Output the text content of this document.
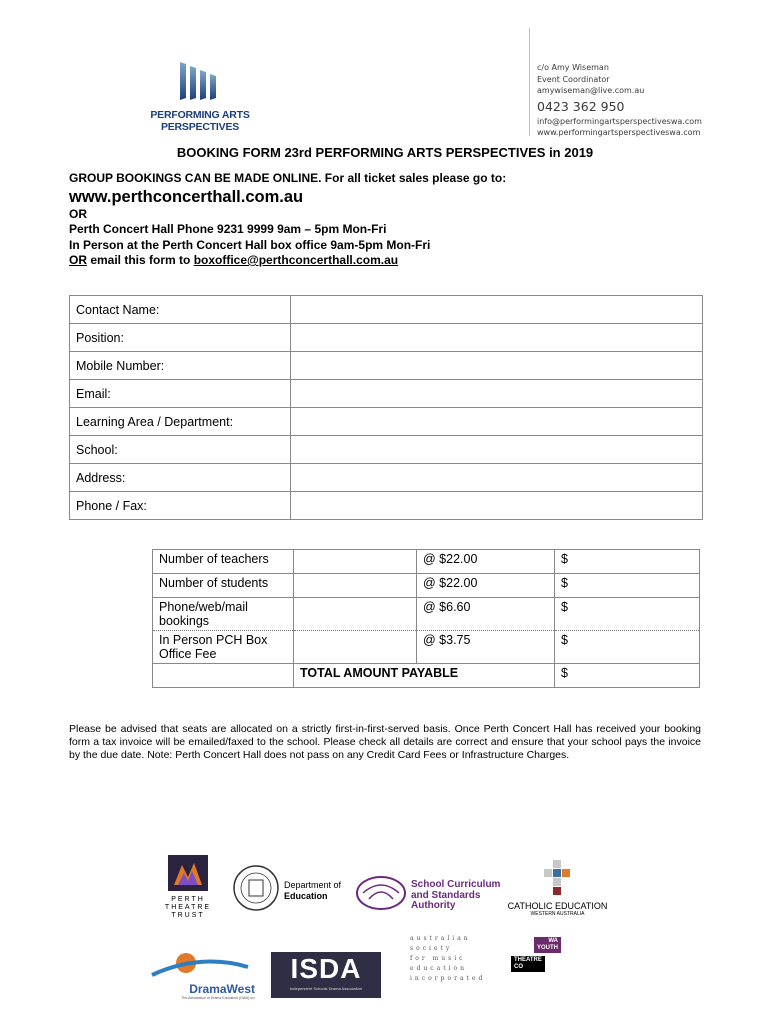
PERFORMING ARTS
PERSPECTIVES
c/o Amy Wiseman
Event Coordinator
amywiseman@live.com.au
0423 362 950
info@performingartsperspectiveswa.com
www.performingartsperspectiveswa.com
BOOKING FORM 23rd PERFORMING ARTS PERSPECTIVES in 2019
GROUP BOOKINGS CAN BE MADE ONLINE. For all ticket sales please go to:
www.perthconcerthall.com.au
OR
Perth Concert Hall Phone 9231 9999 9am – 5pm Mon-Fri
In Person at the Perth Concert Hall box office 9am-5pm Mon-Fri
OR email this form to boxoffice@perthconcerthall.com.au
Contact Name:	
Position:	
Mobile Number:	
Email:	
Learning Area / Department:	
School:	
Address:	
Phone / Fax:	
Number of teachers		@ $22.00	$
Number of students		@ $22.00	$
Phone/web/mail bookings		@ $6.60	$
In Person PCH Box Office Fee		@ $3.75	$
	TOTAL AMOUNT PAYABLE		$
Please be advised that seats are allocated on a strictly first-in-first-served basis. Once Perth Concert Hall has received your booking form a tax invoice will be emailed/faxed to the school. Please check all details are correct and ensure that your school pays the invoice by the due date. Note: Perth Concert Hall does not pass on any Credit Card Fees or Infrastructure Charges.
PERTH
THEATRE
TRUST
Department of
Education
School Curriculum
and Standards
Authority	CATHOLIC EDUCATION
WESTERN AUSTRALIA
DramaWest
The Association of Drama Educators (DWA) Inc
ISDA
Independent Schools Drama Association
australian
society
for music
education
incorporated
WA
YOUTH
THEATRE
CO
